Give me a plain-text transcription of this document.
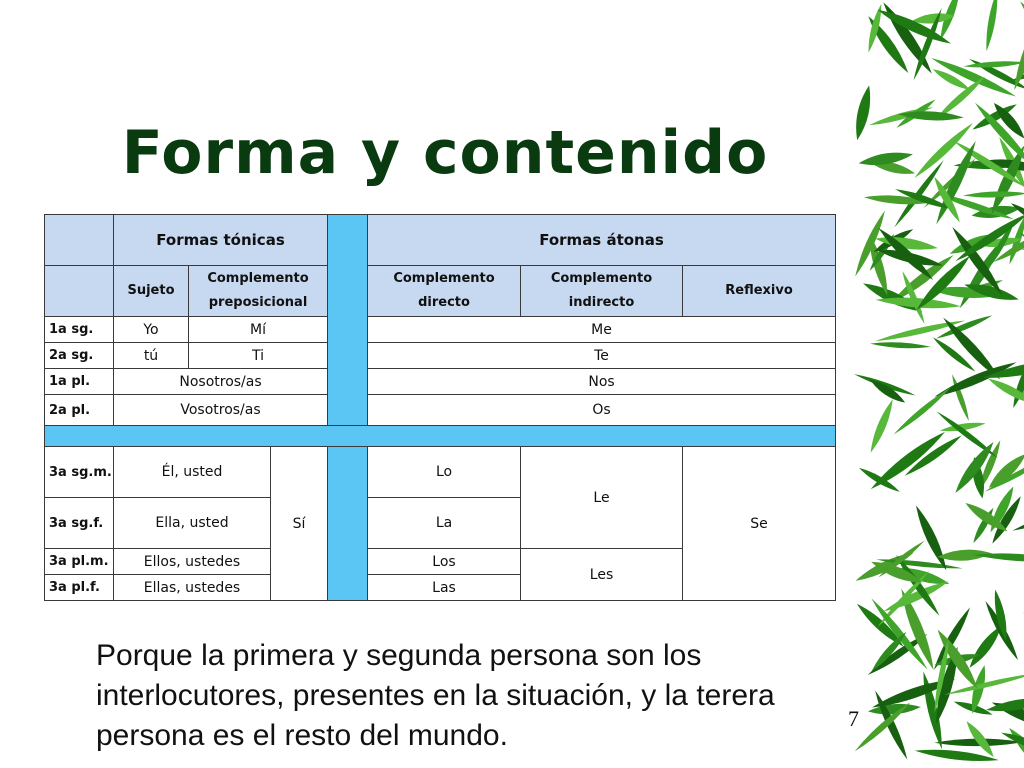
Forma y contenido
	Formas tónicas				Formas átonas		
	Sujeto	Complemento preposicional			Complemento directo	Complemento indirecto	Reflexivo
1a sg.	Yo	Mí			Me		
2a sg.	tú	Ti			Te		
1a pl.	Nosotros/as				Nos		
2a pl.	Vosotros/as				Os		

3a sg.m.	Él, usted		Sí		Lo	Le	Se
3a sg.f.	Ella, usted				La		
3a pl.m.	Ellos, ustedes				Los	Les	
3a pl.f.	Ellas, ustedes				Las		
Porque la primera y segunda persona son los interlocutores, presentes en la situación, y la terera persona es el resto del mundo.
7
